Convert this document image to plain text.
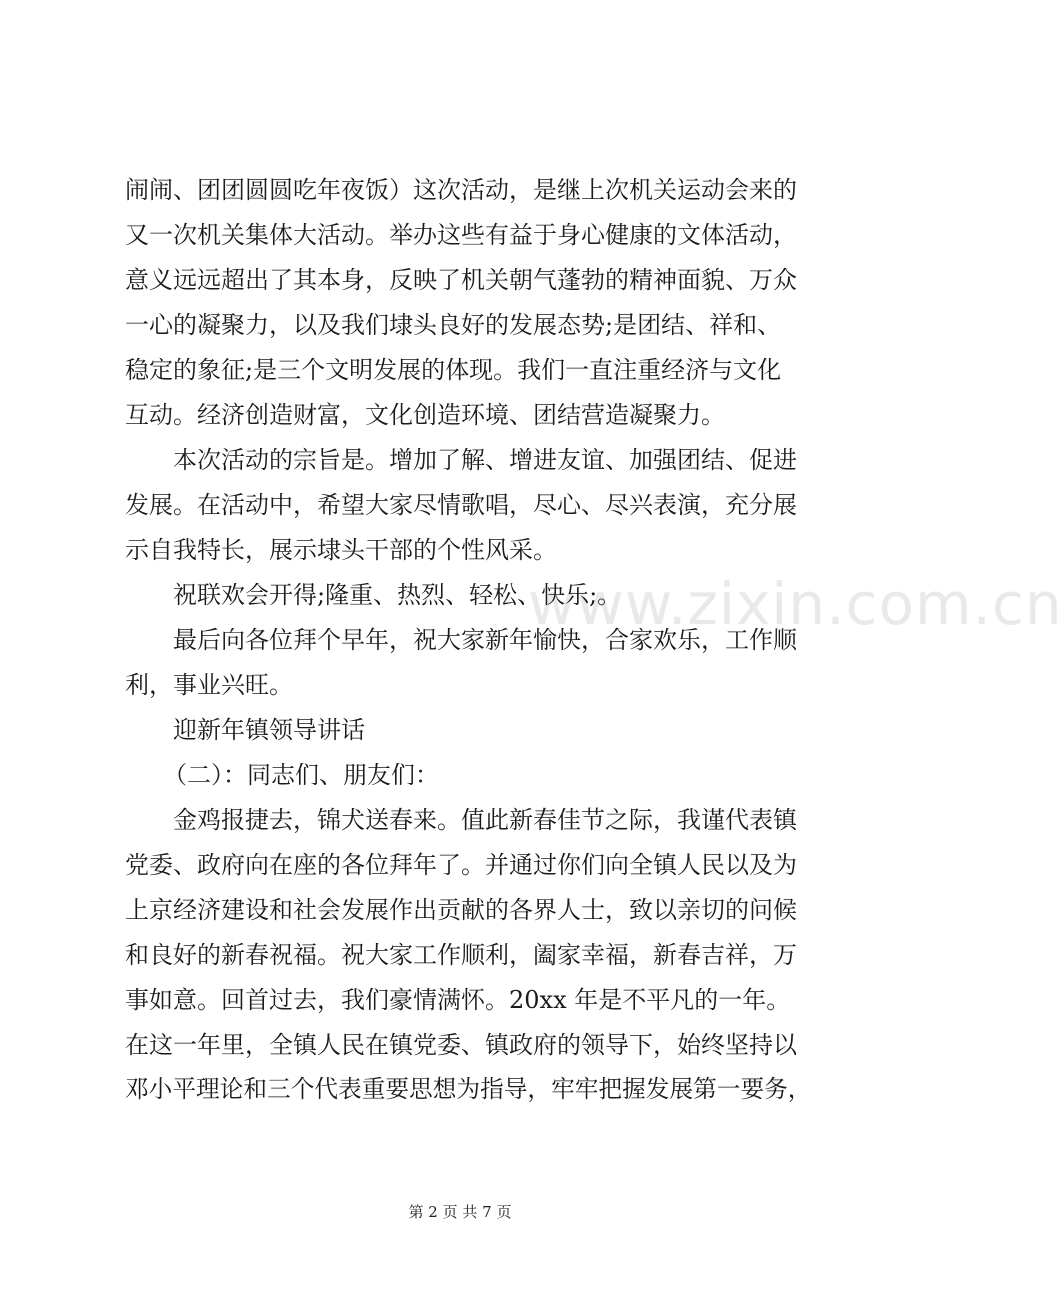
www.zixin.com.cn
闹闹、团团圆圆吃年夜饭）这次活动，是继上次机关运动会来的
又一次机关集体大活动。举办这些有益于身心健康的文体活动，
意义远远超出了其本身，反映了机关朝气蓬勃的精神面貌、万众
一心的凝聚力，以及我们埭头良好的发展态势;是团结、祥和、
稳定的象征;是三个文明发展的体现。我们一直注重经济与文化
互动。经济创造财富，文化创造环境、团结营造凝聚力。
本次活动的宗旨是。增加了解、增进友谊、加强团结、促进
发展。在活动中，希望大家尽情歌唱，尽心、尽兴表演，充分展
示自我特长，展示埭头干部的个性风采。
祝联欢会开得;隆重、热烈、轻松、快乐;。
最后向各位拜个早年，祝大家新年愉快，合家欢乐，工作顺
利，事业兴旺。
迎新年镇领导讲话
（二）：同志们、朋友们：
金鸡报捷去，锦犬送春来。值此新春佳节之际，我谨代表镇
党委、政府向在座的各位拜年了。并通过你们向全镇人民以及为
上京经济建设和社会发展作出贡献的各界人士，致以亲切的问候
和良好的新春祝福。祝大家工作顺利，阖家幸福，新春吉祥，万
事如意。回首过去，我们豪情满怀。20xx 年是不平凡的一年。
在这一年里，全镇人民在镇党委、镇政府的领导下，始终坚持以
邓小平理论和三个代表重要思想为指导，牢牢把握发展第一要务，
第 2 页 共 7 页
